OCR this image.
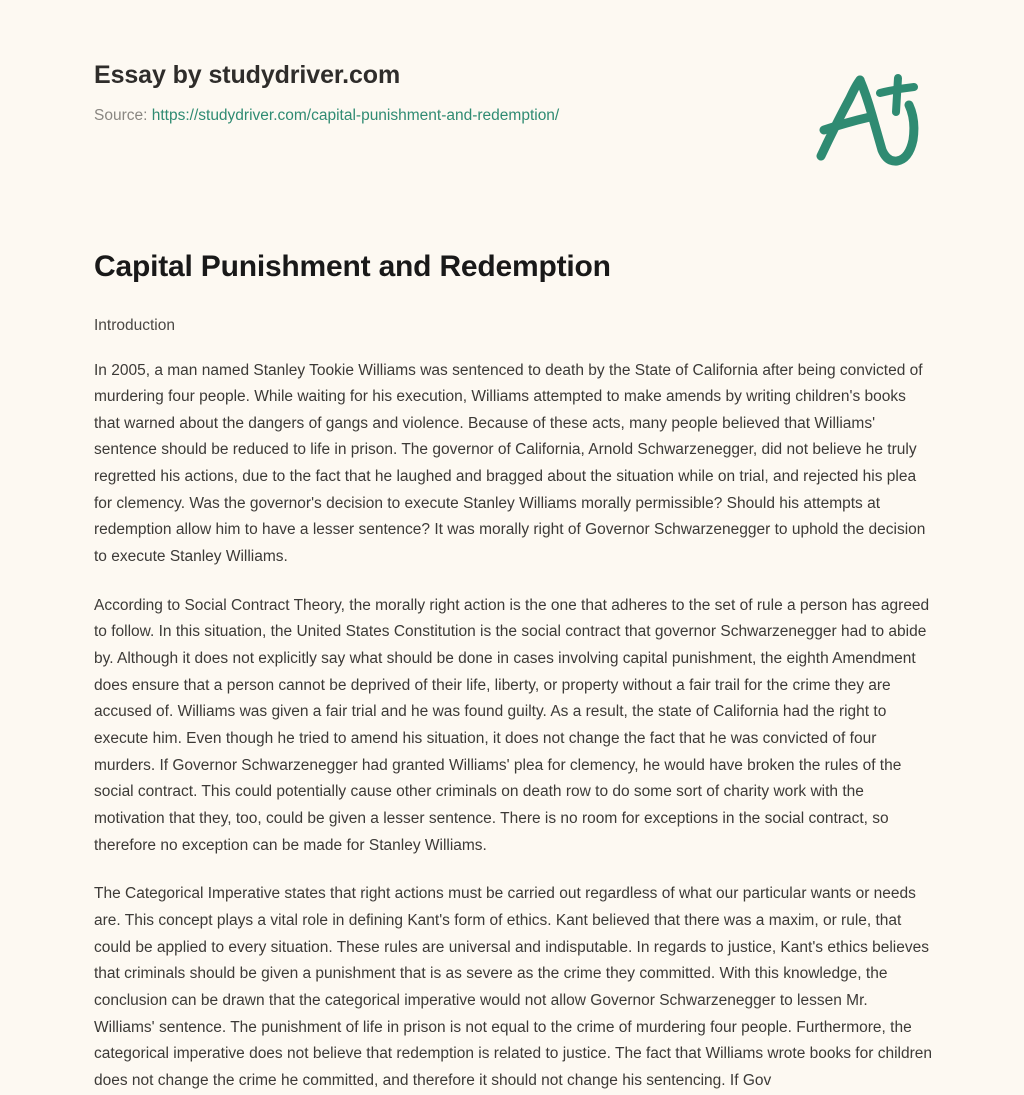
Essay by studydriver.com
Source: https://studydriver.com/capital-punishment-and-redemption/
Capital Punishment and Redemption
Introduction

In 2005, a man named Stanley Tookie Williams was sentenced to death by the State of California after being convicted of murdering four people. While waiting for his execution, Williams attempted to make amends by writing children's books that warned about the dangers of gangs and violence. Because of these acts, many people believed that Williams' sentence should be reduced to life in prison. The governor of California, Arnold Schwarzenegger, did not believe he truly regretted his actions, due to the fact that he laughed and bragged about the situation while on trial, and rejected his plea for clemency. Was the governor's decision to execute Stanley Williams morally permissible? Should his attempts at redemption allow him to have a lesser sentence? It was morally right of Governor Schwarzenegger to uphold the decision to execute Stanley Williams.

According to Social Contract Theory, the morally right action is the one that adheres to the set of rule a person has agreed to follow. In this situation, the United States Constitution is the social contract that governor Schwarzenegger had to abide by. Although it does not explicitly say what should be done in cases involving capital punishment, the eighth Amendment does ensure that a person cannot be deprived of their life, liberty, or property without a fair trail for the crime they are accused of. Williams was given a fair trial and he was found guilty. As a result, the state of California had the right to execute him. Even though he tried to amend his situation, it does not change the fact that he was convicted of four murders. If Governor Schwarzenegger had granted Williams' plea for clemency, he would have broken the rules of the social contract. This could potentially cause other criminals on death row to do some sort of charity work with the motivation that they, too, could be given a lesser sentence. There is no room for exceptions in the social contract, so therefore no exception can be made for Stanley Williams.

The Categorical Imperative states that right actions must be carried out regardless of what our particular wants or needs are. This concept plays a vital role in defining Kant's form of ethics. Kant believed that there was a maxim, or rule, that could be applied to every situation. These rules are universal and indisputable. In regards to justice, Kant's ethics believes that criminals should be given a punishment that is as severe as the crime they committed. With this knowledge, the conclusion can be drawn that the categorical imperative would not allow Governor Schwarzenegger to lessen Mr. Williams' sentence. The punishment of life in prison is not equal to the crime of murdering four people. Furthermore, the categorical imperative does not believe that redemption is related to justice. The fact that Williams wrote books for children does not change the crime he committed, and therefore it should not change his sentencing. If Gov
